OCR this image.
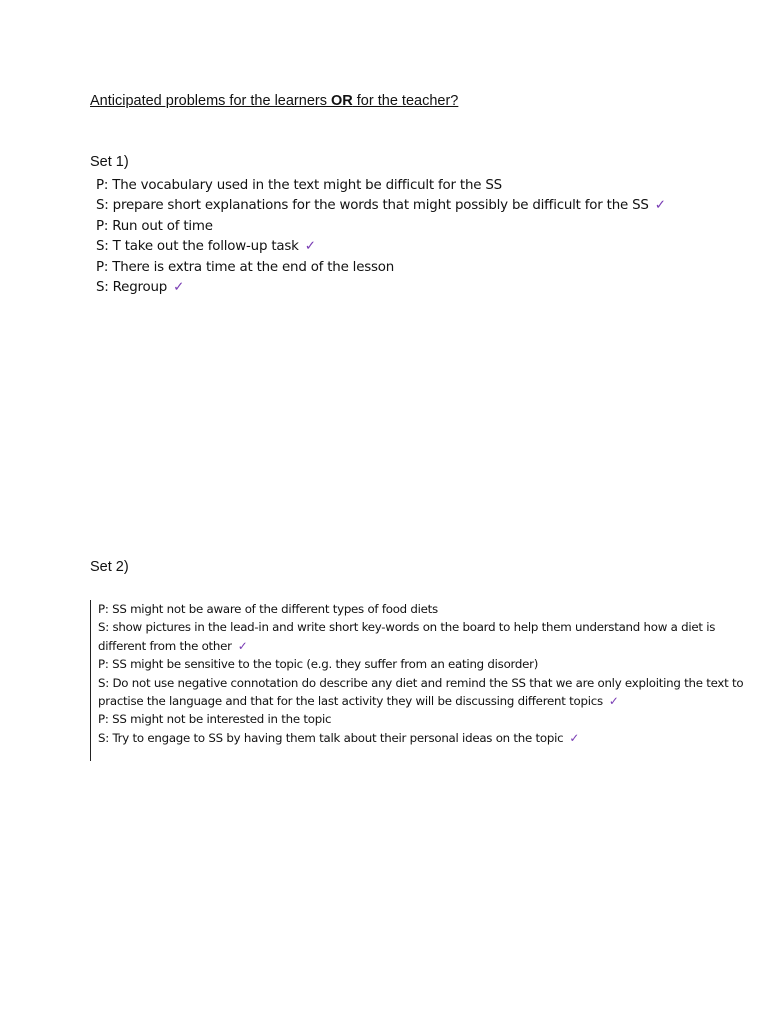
Anticipated problems for the learners OR for the teacher?
Set 1)

P: The vocabulary used in the text might be difficult for the SS
S: prepare short explanations for the words that might possibly be difficult for the SS ✓
P: Run out of time
S: T take out the follow-up task ✓
P: There is extra time at the end of the lesson
S: Regroup ✓
Set 2)

P: SS might not be aware of the different types of food diets
S: show pictures in the lead-in and write short key-words on the board to help them understand how a diet is
different from the other ✓
P: SS might be sensitive to the topic (e.g. they suffer from an eating disorder)
S: Do not use negative connotation do describe any diet and remind the SS that we are only exploiting the text to
practise the language and that for the last activity they will be discussing different topics ✓
P: SS might not be interested in the topic
S: Try to engage to SS by having them talk about their personal ideas on the topic ✓
